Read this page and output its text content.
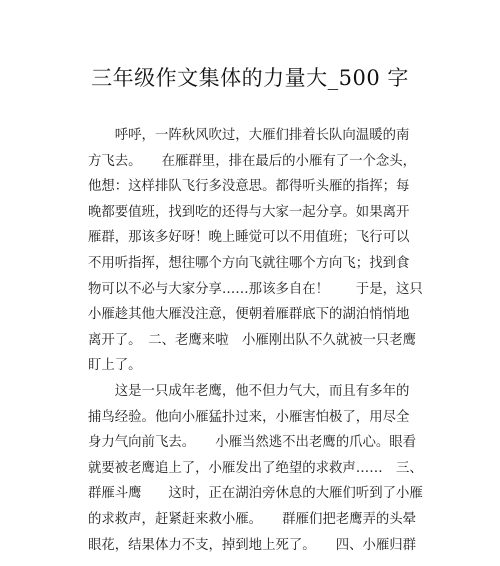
三年级作文集体的力量大_500 字
　　呼呼，一阵秋风吹过，大雁们排着长队向温暖的南
方飞去。　　在雁群里，排在最后的小雁有了一个念头，
他想：这样排队飞行多没意思。都得听头雁的指挥；每
晚都要值班，找到吃的还得与大家一起分享。如果离开
雁群，那该多好呀！晚上睡觉可以不用值班；飞行可以
不用听指挥，想往哪个方向飞就往哪个方向飞；找到食
物可以不必与大家分享……那该多自在！　　于是，这只
小雁趁其他大雁没注意，便朝着雁群底下的湖泊悄悄地
离开了。　二、老鹰来啦　小雁刚出队不久就被一只老鹰
盯上了。
　　这是一只成年老鹰，他不但力气大，而且有多年的
捕鸟经验。他向小雁猛扑过来，小雁害怕极了，用尽全
身力气向前飞去。　　小雁当然逃不出老鹰的爪心。眼看
就要被老鹰追上了，小雁发出了绝望的求救声……　三、
群雁斗鹰　　这时，正在湖泊旁休息的大雁们听到了小雁
的求救声，赶紧赶来救小雁。　　群雁们把老鹰弄的头晕
眼花，结果体力不支，掉到地上死了。　　四、小雁归群
